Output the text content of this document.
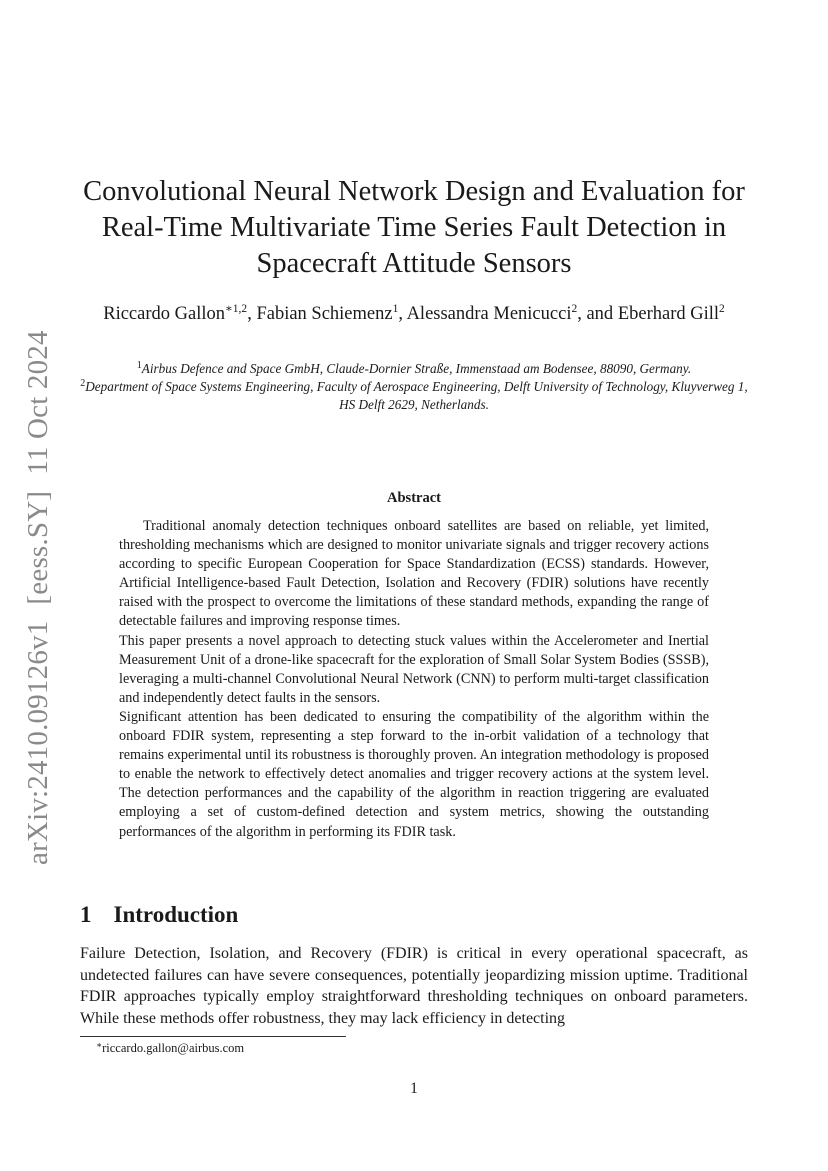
arXiv:2410.09126v1[eess.SY]11 Oct 2024
Convolutional Neural Network Design and Evaluation for
Real-Time Multivariate Time Series Fault Detection in
Spacecraft Attitude Sensors
Riccardo Gallon$^{∗1,2}$, Fabian Schiemenz$^1$, Alessandra Menicucci$^2$, and Eberhard Gill$^2$
$^1$Airbus Defence and Space GmbH, Claude-Dornier Straße, Immenstaad am Bodensee, 88090, Germany.
$^2$Department of Space Systems Engineering, Faculty of Aerospace Engineering, Delft University of Technology, Kluyverweg 1, HS Delft 2629, Netherlands.
Abstract

Traditional anomaly detection techniques onboard satellites are based on reliable, yet limited, thresholding mechanisms which are designed to monitor univariate signals and trigger recovery actions according to specific European Cooperation for Space Standardization (ECSS) standards. However, Artificial Intelligence-based Fault Detection, Isolation and Recovery (FDIR) solutions have recently raised with the prospect to overcome the limitations of these standard methods, expanding the range of detectable failures and improving response times.

This paper presents a novel approach to detecting stuck values within the Accelerometer and Inertial Measurement Unit of a drone-like spacecraft for the exploration of Small Solar System Bodies (SSSB), leveraging a multi-channel Convolutional Neural Network (CNN) to perform multi-target classification and independently detect faults in the sensors.

Significant attention has been dedicated to ensuring the compatibility of the algorithm within the onboard FDIR system, representing a step forward to the in-orbit validation of a technology that remains experimental until its robustness is thoroughly proven. An integration methodology is proposed to enable the network to effectively detect anomalies and trigger recovery actions at the system level. The detection performances and the capability of the algorithm in reaction triggering are evaluated employing a set of custom-defined detection and system metrics, showing the outstanding performances of the algorithm in performing its FDIR task.

1 Introduction

Failure Detection, Isolation, and Recovery (FDIR) is critical in every operational spacecraft, as undetected failures can have severe consequences, potentially jeopardizing mission uptime. Traditional FDIR approaches typically employ straightforward thresholding techniques on onboard parameters. While these methods offer robustness, they may lack efficiency in detecting

∗riccardo.gallon@airbus.com
1
